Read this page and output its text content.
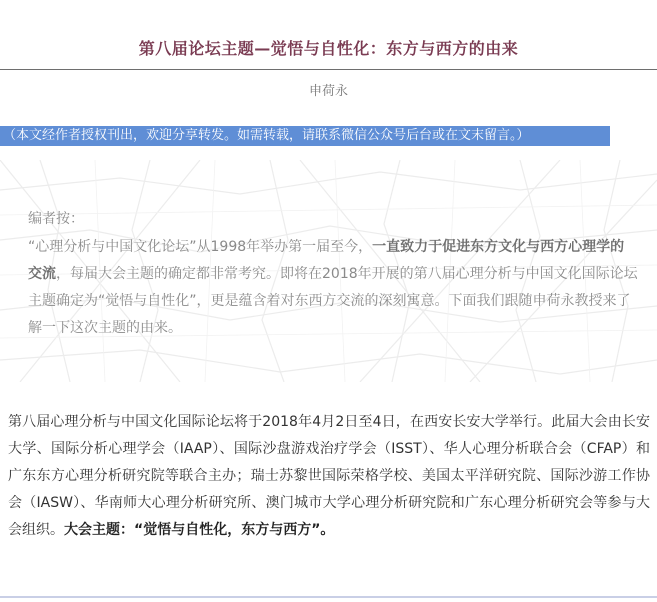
第八届论坛主题—觉悟与自性化：东方与西方的由来
申荷永
（本文经作者授权刊出，欢迎分享转发。如需转载，请联系微信公众号后台或在文末留言。）
编者按：
“心理分析与中国文化论坛”从1998年举办第一届至今，一直致力于促进东方文化与西方心理学的交流，每届大会主题的确定都非常考究。即将在2018年开展的第八届心理分析与中国文化国际论坛主题确定为“觉悟与自性化”，更是蕴含着对东西方交流的深刻寓意。下面我们跟随申荷永教授来了解一下这次主题的由来。
第八届心理分析与中国文化国际论坛将于2018年4月2日至4日，在西安长安大学举行。此届大会由长安大学、国际分析心理学会（IAAP）、国际沙盘游戏治疗学会（ISST）、华人心理分析联合会（CFAP）和广东东方心理分析研究院等联合主办；瑞士苏黎世国际荣格学校、美国太平洋研究院、国际沙游工作协会（IASW）、华南师大心理分析研究所、澳门城市大学心理分析研究院和广东心理分析研究会等参与大会组织。大会主题：“觉悟与自性化，东方与西方”。
